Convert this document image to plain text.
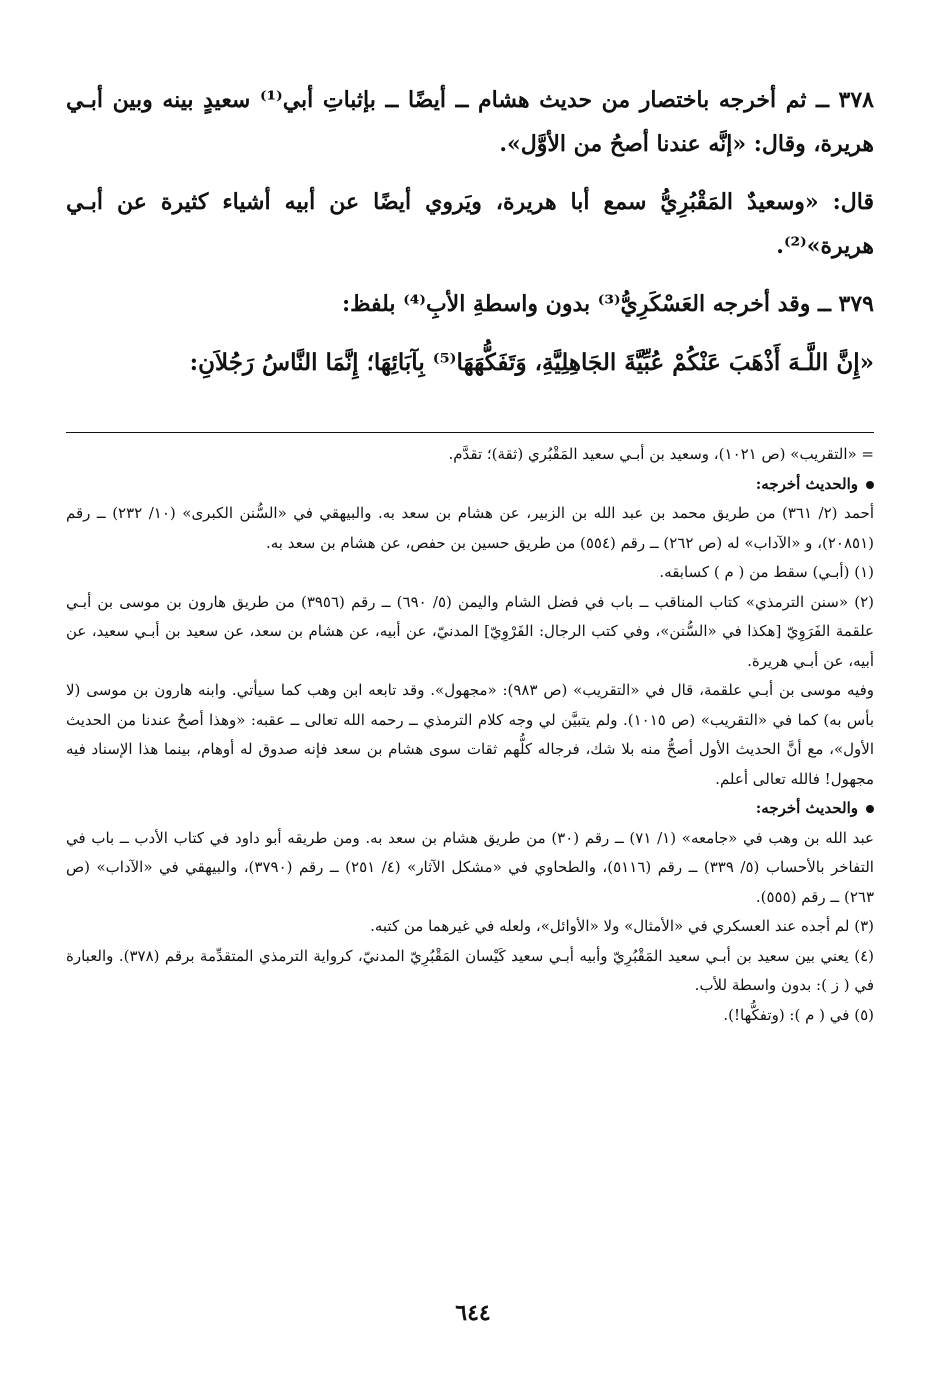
٣٧٨ ــ ثم أخرجه باختصار من حديث هشام ــ أيضًا ــ بإثباتِ أبي⁽¹⁾ سعيدٍ بينه وبين أبـي هريرة، وقال: «إنَّه عندنا أصحُ من الأوَّل».

قال: «وسعيدٌ المَقْبُرِيُّ سمع أبا هريرة، ويَروي أيضًا عن أبيه أشياء كثيرة عن أبـي هريرة»⁽²⁾.

٣٧٩ ــ وقد أخرجه العَسْكَرِيُّ⁽³⁾ بدون واسطةِ الأبِ⁽⁴⁾ بلفظ:

«إِنَّ اللَّـهَ أَذْهَبَ عَنْكُمْ عُبِّيَّةَ الجَاهِلِيَّةِ، وَتَفَكُّهَهَا⁽⁵⁾ بِآبَائِهَا؛ إِنَّمَا النَّاسُ رَجُلاَنِ:

= «التقريب» (ص ١٠٢١)، وسعيد بن أبـي سعيد المَقْبُري (ثقة)؛ تقدَّم.

والحديث أخرجه:

أحمد (٢/ ٣٦١) من طريق محمد بن عبد الله بن الزبير، عن هشام بن سعد به. والبيهقي في «السُّنن الكبرى» (١٠/ ٢٣٢) ــ رقم (٢٠٨٥١)، و «الآداب» له (ص ٢٦٢) ــ رقم (٥٥٤) من طريق حسين بن حفص، عن هشام بن سعد به.

(١) (أبـي) سقط من ( م ) كسابقه.

(٢) «سنن الترمذي» كتاب المناقب ــ باب في فضل الشام واليمن (٥/ ٦٩٠) ــ رقم (٣٩٥٦) من طريق هارون بن موسى بن أبـي علقمة الفَرَوِيّ [هكذا في «السُّنن»، وفي كتب الرجال: الفَرْوِيّ] المدنيّ، عن أبيه، عن هشام بن سعد، عن سعيد بن أبـي سعيد، عن أبيه، عن أبـي هريرة.

وفيه موسى بن أبـي علقمة، قال في «التقريب» (ص ٩٨٣): «مجهول». وقد تابعه ابن وهب كما سيأتي. وابنه هارون بن موسى (لا بأس به) كما في «التقريب» (ص ١٠١٥). ولم يتبيَّن لي وجه كلام الترمذي ــ رحمه الله تعالى ــ عقبه: «وهذا أصحُ عندنا من الحديث الأول»، مع أنَّ الحديث الأول أصحُّ منه بلا شك، فرجاله كلُّهم ثقات سوى هشام بن سعد فإنه صدوق له أوهام، بينما هذا الإسناد فيه مجهول! فالله تعالى أعلم.

والحديث أخرجه:

عبد الله بن وهب في «جامعه» (١/ ٧١) ــ رقم (٣٠) من طريق هشام بن سعد به. ومن طريقه أبو داود في كتاب الأدب ــ باب في التفاخر بالأحساب (٥/ ٣٣٩) ــ رقم (٥١١٦)، والطحاوي في «مشكل الآثار» (٤/ ٢٥١) ــ رقم (٣٧٩٠)، والبيهقي في «الآداب» (ص ٢٦٣) ــ رقم (٥٥٥).

(٣) لم أجده عند العسكري في «الأمثال» ولا «الأوائل»، ولعله في غيرهما من كتبه.

(٤) يعني بين سعيد بن أبـي سعيد المَقْبُرِيّ وأبيه أبـي سعيد كَيْسان المَقْبُرِيّ المدنيّ، كرواية الترمذي المتقدِّمة برقم (٣٧٨). والعبارة في ( ز ): بدون واسطة للأب.

(٥) في ( م ): (وتفكُّها!).

٦٤٤
